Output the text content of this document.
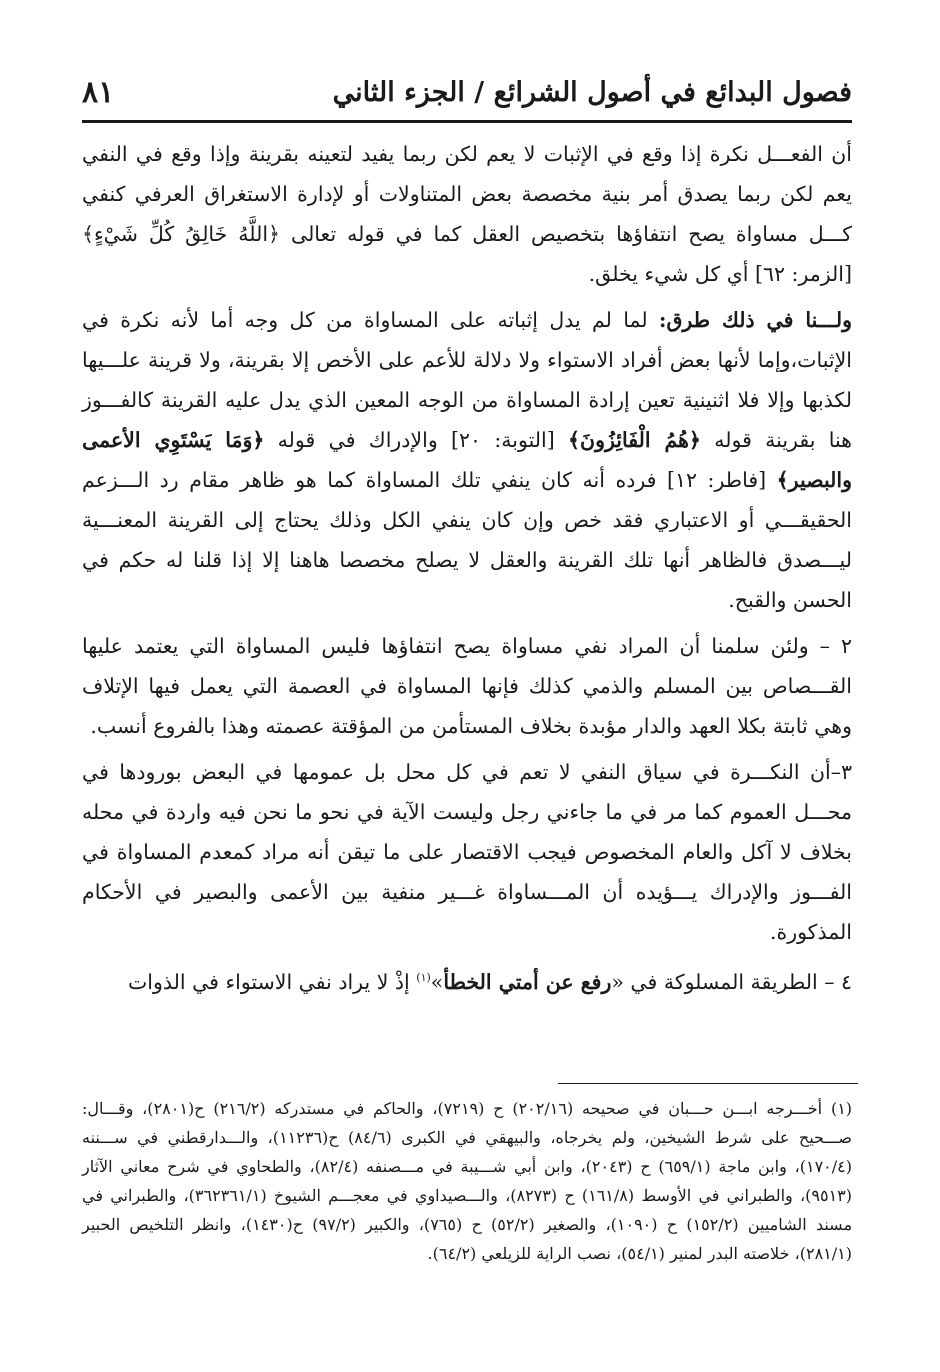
فصول البدائع في أصول الشرائع / الجزء الثاني
٨١

أن الفعـــل نكرة إذا وقع في الإثبات لا يعم لكن ربما يفيد لتعينه بقرينة وإذا وقع في النفي يعم لكن ربما يصدق أمر بنية مخصصة بعض المتناولات أو لإدارة الاستغراق العرفي كنفي كـــل مساواة يصح انتفاؤها بتخصيص العقل كما في قوله تعالى ﴿اللَّهُ خَالِقُ كُلِّ شَيْءٍ﴾ [الزمر: ٦٢] أي كل شيء يخلق.

ولـــنا في ذلك طرق: لما لم يدل إثباته على المساواة من كل وجه أما لأنه نكرة في الإثبات،وإما لأنها بعض أفراد الاستواء ولا دلالة للأعم على الأخص إلا بقرينة، ولا قرينة علـــيها لكذبها وإلا فلا اثنينية تعين إرادة المساواة من الوجه المعين الذي يدل عليه القرينة كالفـــوز هنا بقرينة قوله ﴿هُمُ الْفَائِزُونَ﴾ [التوبة: ٢٠] والإدراك في قوله ﴿وَمَا يَسْتَوِي الأعمى والبصير﴾ [فاطر: ١٢] فرده أنه كان ينفي تلك المساواة كما هو ظاهر مقام رد الـــزعم الحقيقـــي أو الاعتباري فقد خص وإن كان ينفي الكل وذلك يحتاج إلى القرينة المعنـــية ليـــصدق فالظاهر أنها تلك القرينة والعقل لا يصلح مخصصا هاهنا إلا إذا قلنا له حكم في الحسن والقبح.

٢ – ولئن سلمنا أن المراد نفي مساواة يصح انتفاؤها فليس المساواة التي يعتمد عليها القـــصاص بين المسلم والذمي كذلك فإنها المساواة في العصمة التي يعمل فيها الإتلاف وهي ثابتة بكلا العهد والدار مؤبدة بخلاف المستأمن من المؤقتة عصمته وهذا بالفروع أنسب.

٣–أن النكـــرة في سياق النفي لا تعم في كل محل بل عمومها في البعض بورودها في محـــل العموم كما مر في ما جاءني رجل وليست الآية في نحو ما نحن فيه واردة في محله بخلاف لا آكل والعام المخصوص فيجب الاقتصار على ما تيقن أنه مراد كمعدم المساواة في الفـــوز والإدراك يـــؤيده أن المـــساواة غـــير منفية بين الأعمى والبصير في الأحكام المذكورة.

٤ – الطريقة المسلوكة في «رفع عن أمتي الخطأ»$^{(١)}$ إذْ لا يراد نفي الاستواء في الذوات

(١) أخـــرجه ابـــن حـــبان في صحيحه (٢٠٢/١٦) ح (٧٢١٩)، والحاكم في مستدركه (٢١٦/٢) ح(٢٨٠١)، وقـــال: صـــحيح على شرط الشيخين، ولم يخرجاه، والبيهقي في الكبرى (٨٤/٦) ح(١١٢٣٦)، والـــدارقطني في ســـننه (١٧٠/٤)، وابن ماجة (٦٥٩/١) ح (٢٠٤٣)، وابن أبي شـــيبة في مـــصنفه (٨٢/٤)، والطحاوي في شرح معاني الآثار (٩٥١٣)، والطبراني في الأوسط (١٦١/٨) ح (٨٢٧٣)، والـــصيداوي في معجـــم الشيوخ (٣٦٢٣٦١/١)، والطبراني في مسند الشاميين (١٥٢/٢) ح (١٠٩٠)، والصغير (٥٢/٢) ح (٧٦٥)، والكبير (٩٧/٢) ح(١٤٣٠)، وانظر التلخيص الحبير (٢٨١/١)، خلاصته البدر لمنير (٥٤/١)، نصب الراية للزيلعي (٦٤/٢).
